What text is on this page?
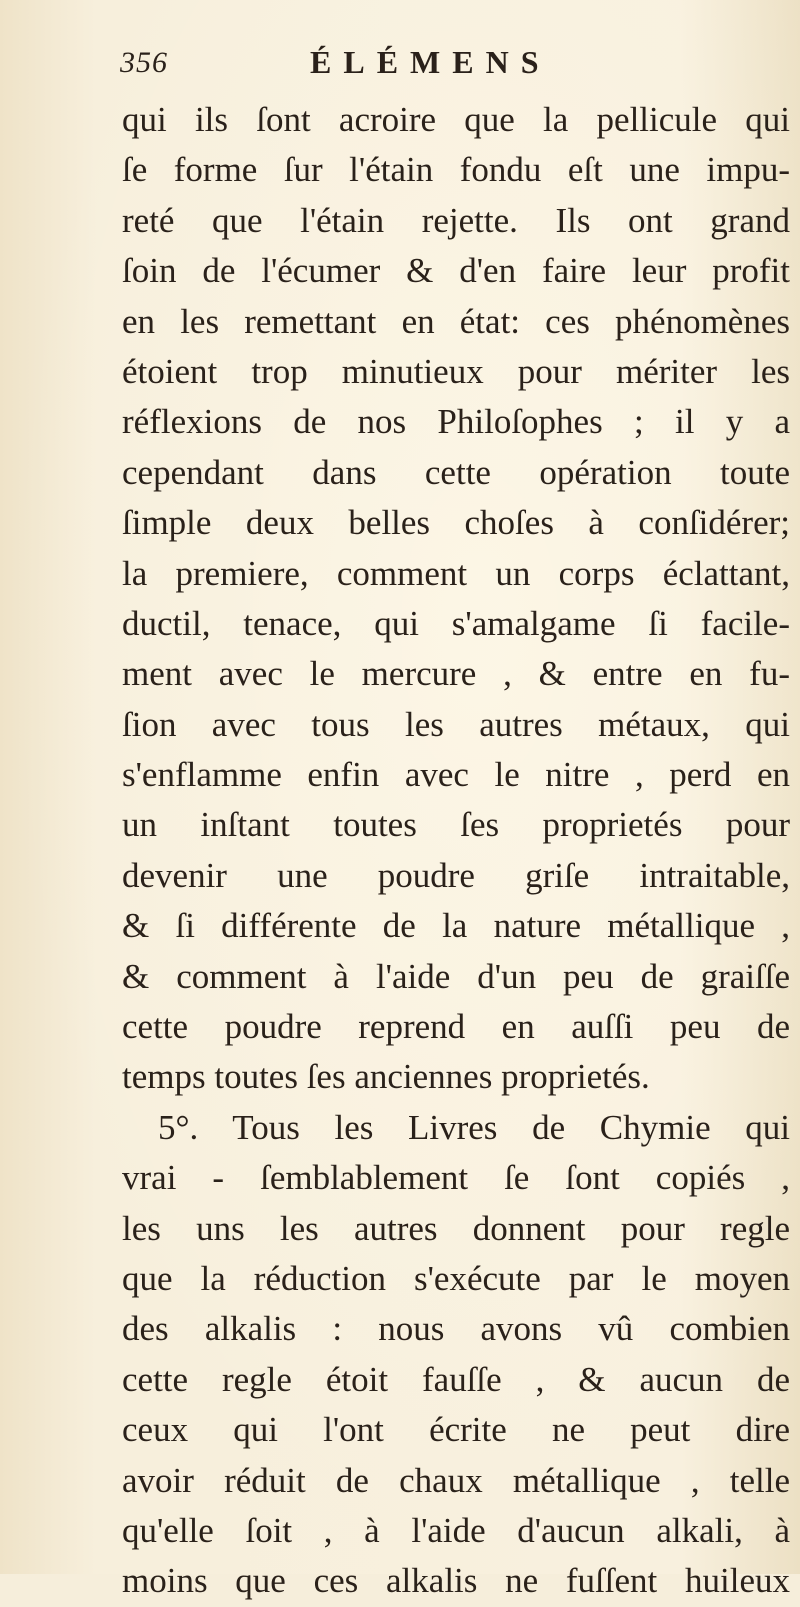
356	ÉLÉMENS
qui ils ſont acroire que la pellicule qui
ſe forme ſur l'étain fondu eſt une impu-
reté que l'étain rejette. Ils ont grand
ſoin de l'écumer & d'en faire leur profit
en les remettant en état: ces phénomènes
étoient trop minutieux pour mériter les
réflexions de nos Philoſophes ; il y a
cependant dans cette opération toute
ſimple deux belles choſes à conſidérer;
la premiere, comment un corps éclattant,
ductil, tenace, qui s'amalgame ſi facile-
ment avec le mercure , & entre en fu-
ſion avec tous les autres métaux, qui
s'enflamme enfin avec le nitre , perd en
un inſtant toutes ſes proprietés pour
devenir une poudre griſe intraitable,
& ſi différente de la nature métallique ,
& comment à l'aide d'un peu de graiſſe
cette poudre reprend en auſſi peu de
temps toutes ſes anciennes proprietés.
5°. Tous les Livres de Chymie qui
vrai - ſemblablement ſe ſont copiés ,
les uns les autres donnent pour regle
que la réduction s'exécute par le moyen
des alkalis : nous avons vû combien
cette regle étoit fauſſe , & aucun de
ceux qui l'ont écrite ne peut dire
avoir réduit de chaux métallique , telle
qu'elle ſoit , à l'aide d'aucun alkali, à
moins que ces alkalis ne fuſſent huileux
